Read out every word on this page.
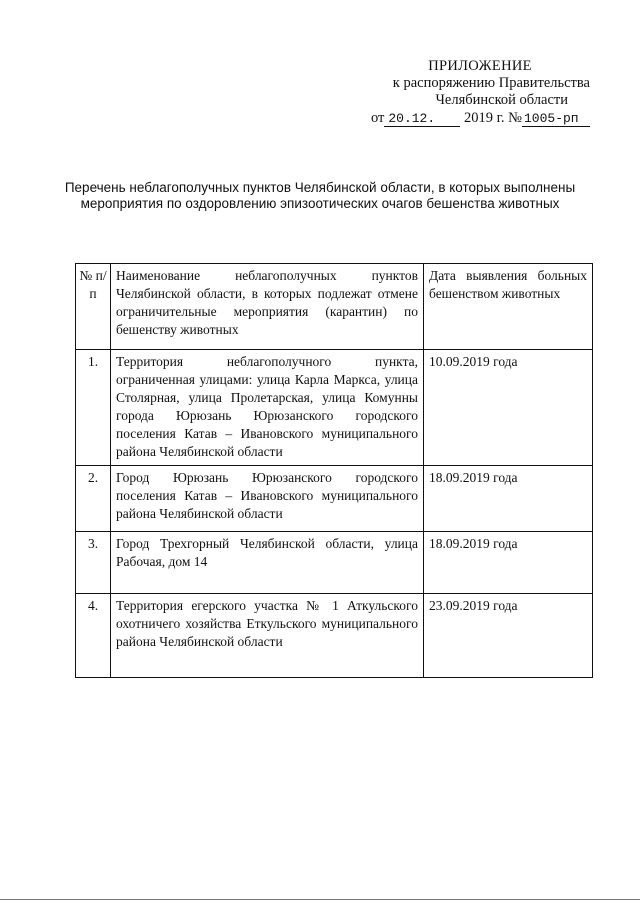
ПРИЛОЖЕНИЕ
к распоряжению Правительства
Челябинской области
от 20.12. 2019 г. № 1005-рп
Перечень неблагополучных пунктов Челябинской области, в которых выполнены мероприятия по оздоровлению эпизоотических очагов бешенства животных
№ п/п	Наименование неблагополучных пунктов Челябинской области, в которых подлежат отмене ограничительные мероприятия (карантин) по бешенству животных	Дата выявления больных бешенством животных
1.	Территория неблагополучного пункта, ограниченная улицами: улица Карла Маркса, улица Столярная, улица Пролетарская, улица Комунны города Юрюзань Юрюзанского городского поселения Катав – Ивановского муниципального района Челябинской области	10.09.2019 года
2.	Город Юрюзань Юрюзанского городского поселения Катав – Ивановского муниципального района Челябинской области	18.09.2019 года
3.	Город Трехгорный Челябинской области, улица Рабочая, дом 14	18.09.2019 года
4.	Территория егерского участка № 1 Аткульского охотничего хозяйства Еткульского муниципального района Челябинской области	23.09.2019 года
